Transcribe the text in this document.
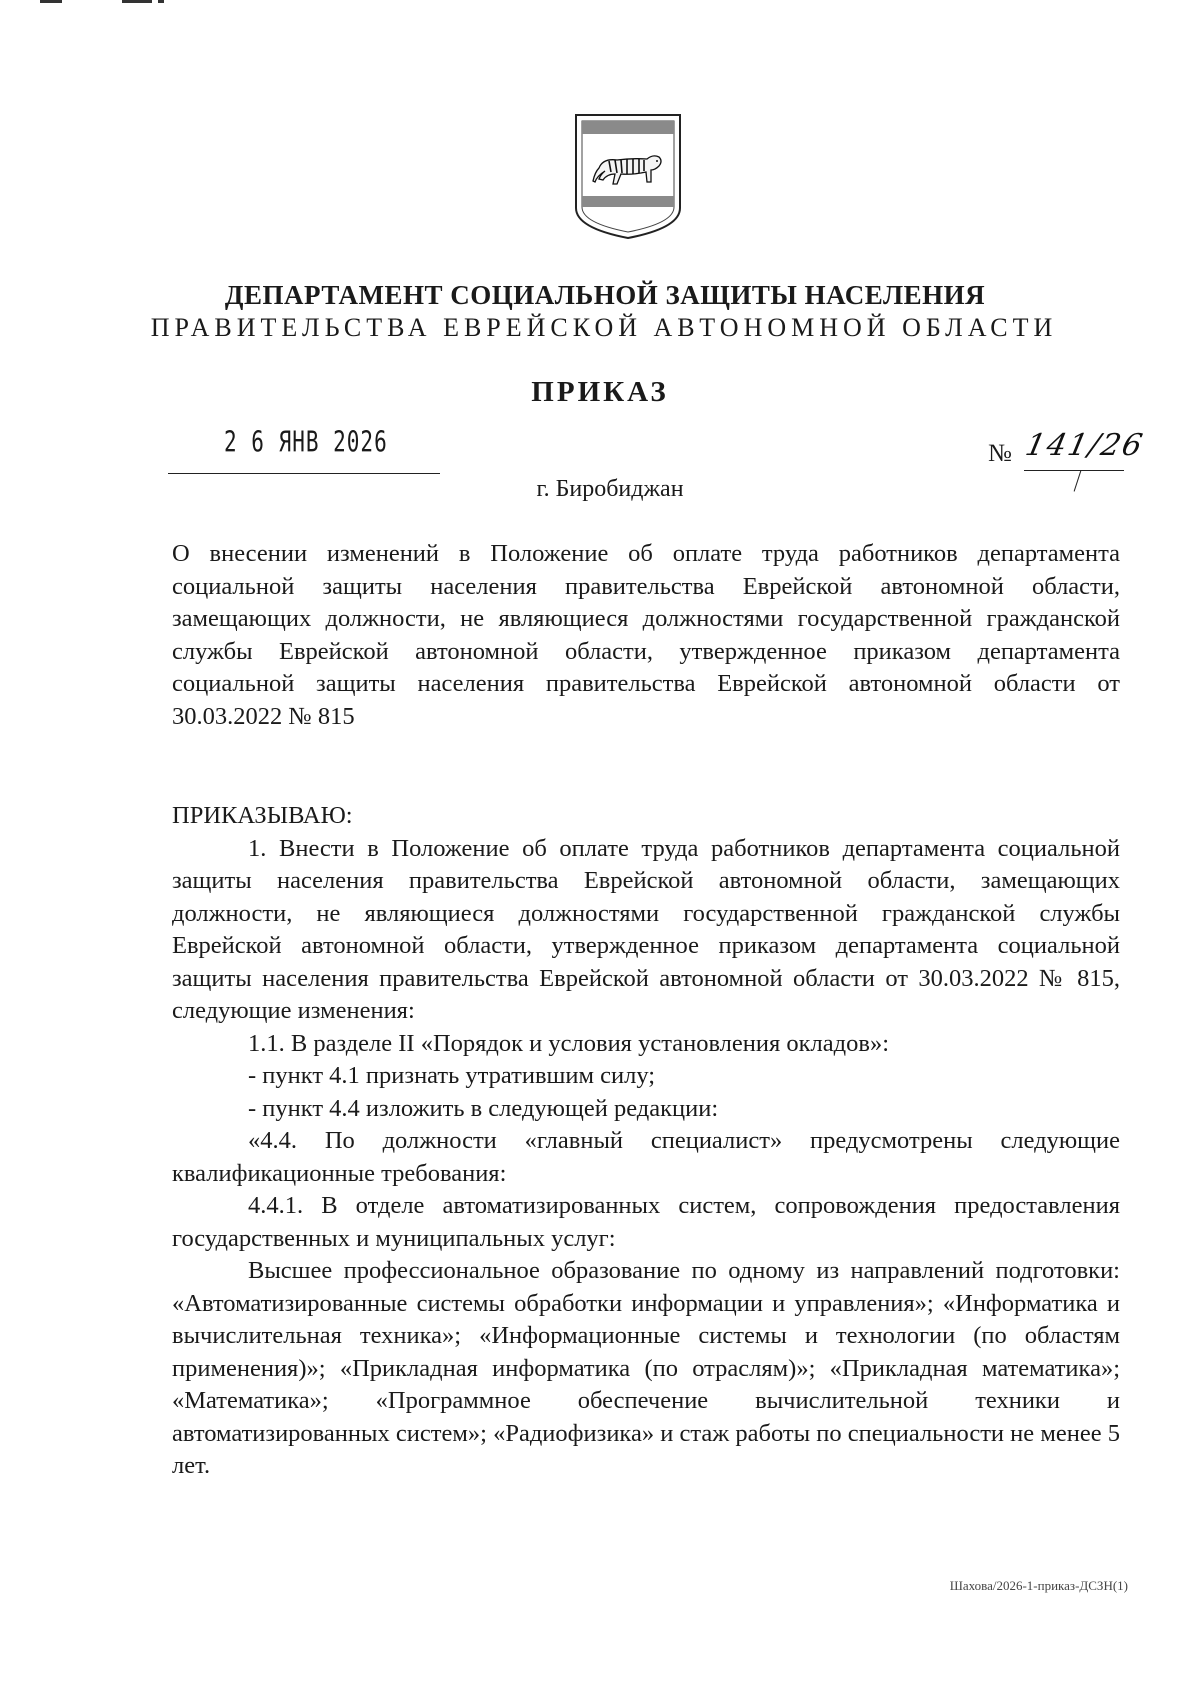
ДЕПАРТАМЕНТ СОЦИАЛЬНОЙ ЗАЩИТЫ НАСЕЛЕНИЯ
ПРАВИТЕЛЬСТВА ЕВРЕЙСКОЙ АВТОНОМНОЙ ОБЛАСТИ
ПРИКАЗ
2 6 ЯНВ 2026	№ 141/26
г. Биробиджан

О внесении изменений в Положение об оплате труда работников департамента социальной защиты населения правительства Еврейской автономной области, замещающих должности, не являющиеся должностями государственной гражданской службы Еврейской автономной области, утвержденное приказом департамента социальной защиты населения правительства Еврейской автономной области от 30.03.2022 № 815

ПРИКАЗЫВАЮ:

1. Внести в Положение об оплате труда работников департамента социальной защиты населения правительства Еврейской автономной области, замещающих должности, не являющиеся должностями государственной гражданской службы Еврейской автономной области, утвержденное приказом департамента социальной защиты населения правительства Еврейской автономной области от 30.03.2022 № 815, следующие изменения:

1.1. В разделе II «Порядок и условия установления окладов»:

- пункт 4.1 признать утратившим силу;

- пункт 4.4 изложить в следующей редакции:

«4.4. По должности «главный специалист» предусмотрены следующие квалификационные требования:

4.4.1. В отделе автоматизированных систем, сопровождения предоставления государственных и муниципальных услуг:

Высшее профессиональное образование по одному из направлений подготовки: «Автоматизированные системы обработки информации и управления»; «Информатика и вычислительная техника»; «Информационные системы и технологии (по областям применения)»; «Прикладная информатика (по отраслям)»; «Прикладная математика»; «Математика»; «Программное обеспечение вычислительной техники и автоматизированных систем»; «Радиофизика» и стаж работы по специальности не менее 5 лет.

Шахова/2026-1-приказ-ДСЗН(1)
